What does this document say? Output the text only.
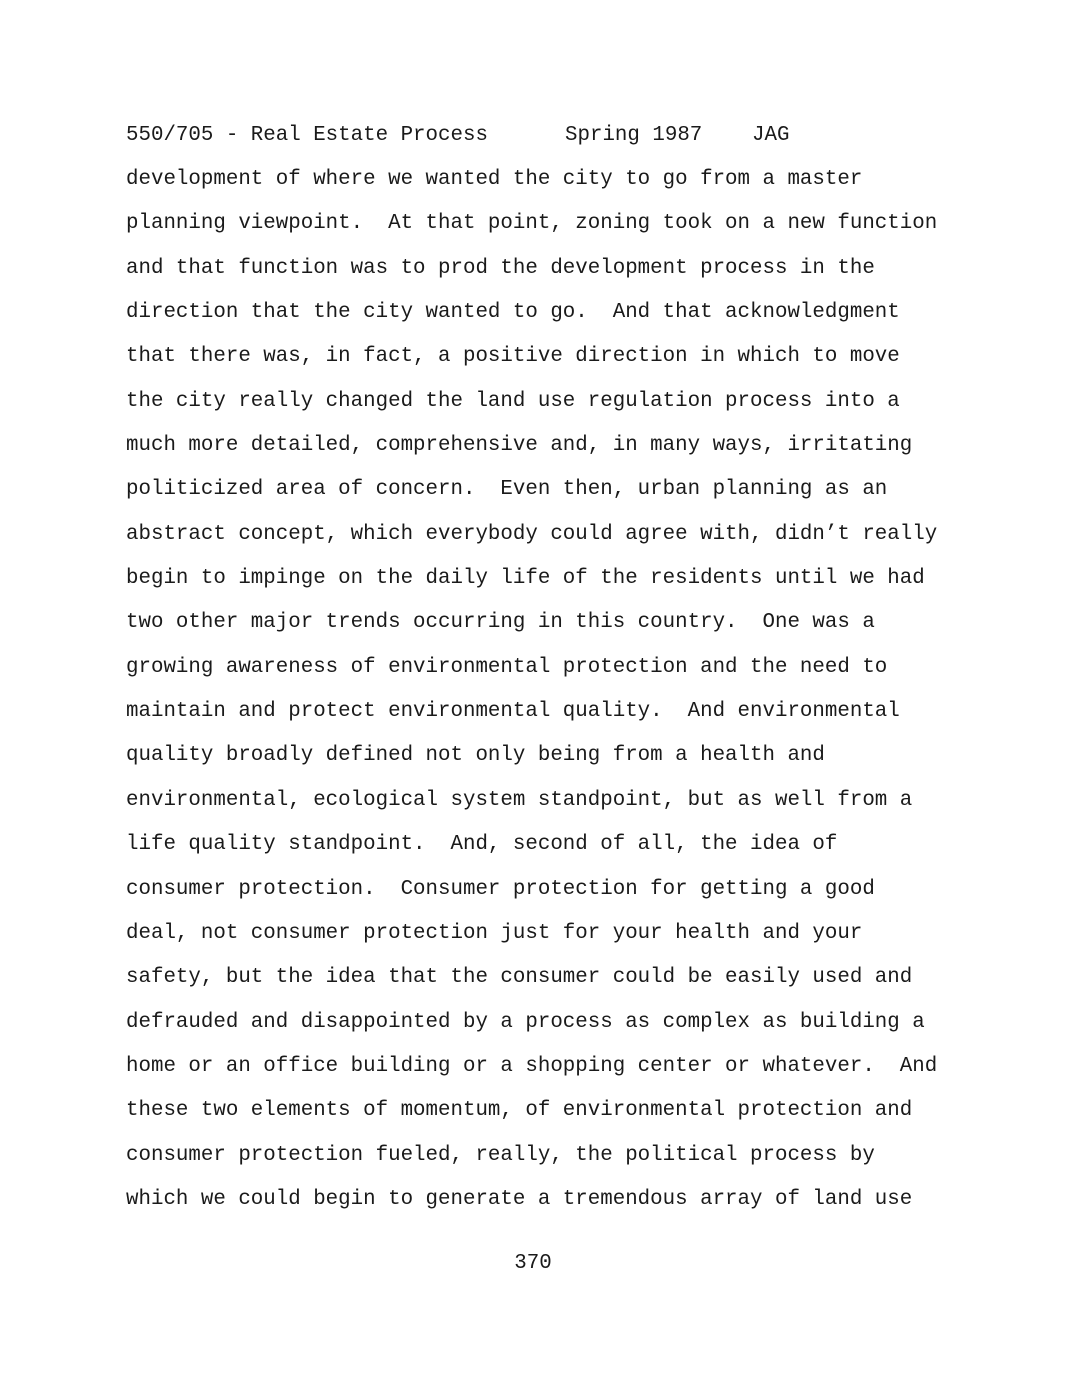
550/705 - Real Estate Process	Spring 1987 JAG
development of where we wanted the city to go from a master
planning viewpoint.  At that point, zoning took on a new function
and that function was to prod the development process in the
direction that the city wanted to go.  And that acknowledgment
that there was, in fact, a positive direction in which to move
the city really changed the land use regulation process into a
much more detailed, comprehensive and, in many ways, irritating
politicized area of concern.  Even then, urban planning as an
abstract concept, which everybody could agree with, didn’t really
begin to impinge on the daily life of the residents until we had
two other major trends occurring in this country.  One was a
growing awareness of environmental protection and the need to
maintain and protect environmental quality.  And environmental
quality broadly defined not only being from a health and
environmental, ecological system standpoint, but as well from a
life quality standpoint.  And, second of all, the idea of
consumer protection.  Consumer protection for getting a good
deal, not consumer protection just for your health and your
safety, but the idea that the consumer could be easily used and
defrauded and disappointed by a process as complex as building a
home or an office building or a shopping center or whatever.  And
these two elements of momentum, of environmental protection and
consumer protection fueled, really, the political process by
which we could begin to generate a tremendous array of land use
370
